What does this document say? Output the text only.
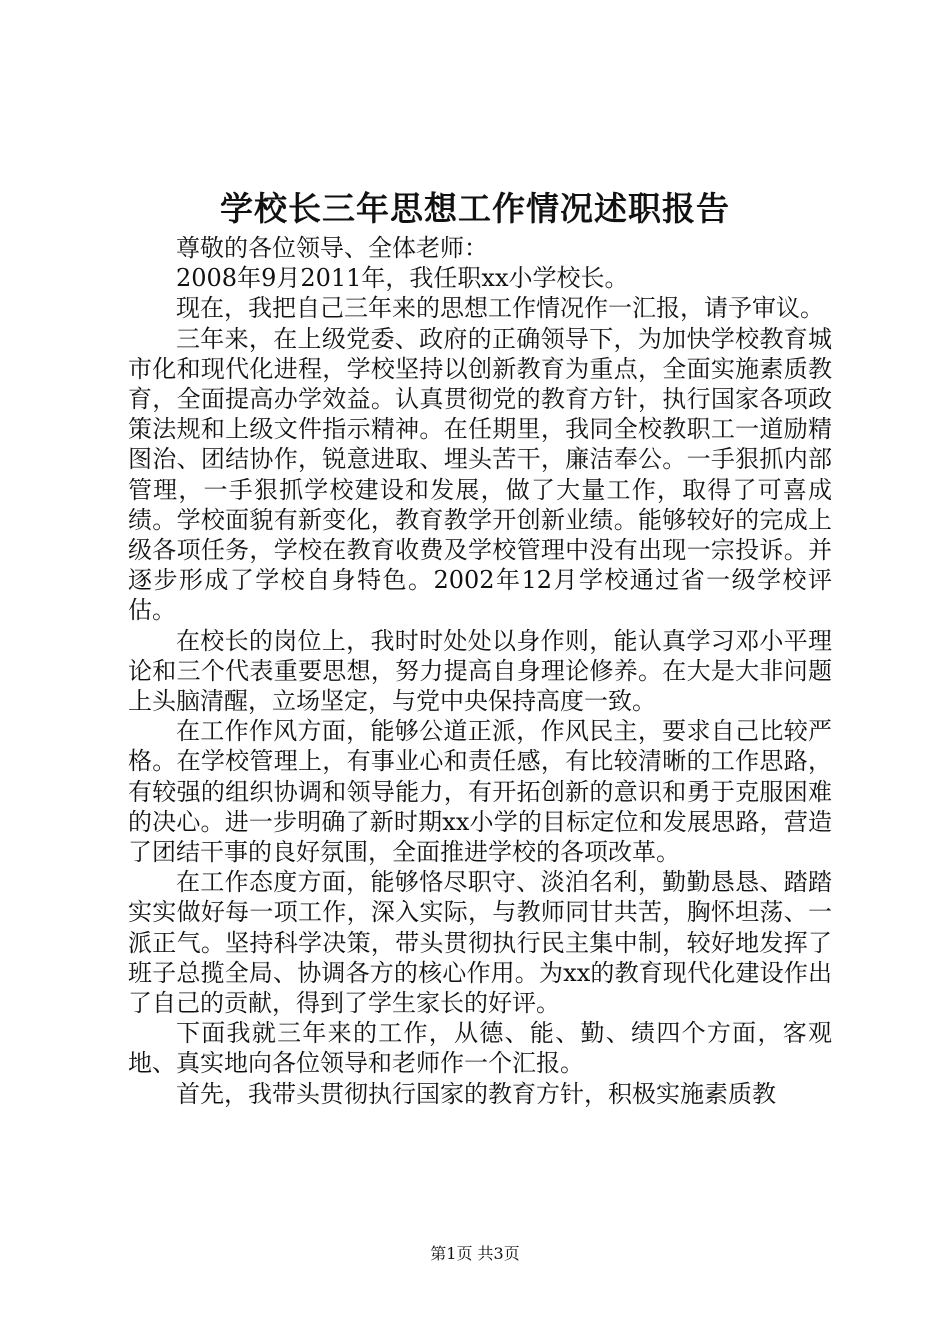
学校长三年思想工作情况述职报告

尊敬的各位领导、全体老师：

2008年9月2011年，我任职xx小学校长。

现在，我把自己三年来的思想工作情况作一汇报，请予审议。

三年来，在上级党委、政府的正确领导下，为加快学校教育城市化和现代化进程，学校坚持以创新教育为重点，全面实施素质教育，全面提高办学效益。认真贯彻党的教育方针，执行国家各项政策法规和上级文件指示精神。在任期里，我同全校教职工一道励精图治、团结协作，锐意进取、埋头苦干，廉洁奉公。一手狠抓内部管理，一手狠抓学校建设和发展，做了大量工作，取得了可喜成绩。学校面貌有新变化，教育教学开创新业绩。能够较好的完成上级各项任务，学校在教育收费及学校管理中没有出现一宗投诉。并逐步形成了学校自身特色。2002年12月学校通过省一级学校评估。

在校长的岗位上，我时时处处以身作则，能认真学习邓小平理论和三个代表重要思想，努力提高自身理论修养。在大是大非问题上头脑清醒，立场坚定，与党中央保持高度一致。

在工作作风方面，能够公道正派，作风民主，要求自己比较严格。在学校管理上，有事业心和责任感，有比较清晰的工作思路，有较强的组织协调和领导能力，有开拓创新的意识和勇于克服困难的决心。进一步明确了新时期xx小学的目标定位和发展思路，营造了团结干事的良好氛围，全面推进学校的各项改革。

在工作态度方面，能够恪尽职守、淡泊名利，勤勤恳恳、踏踏实实做好每一项工作，深入实际，与教师同甘共苦，胸怀坦荡、一派正气。坚持科学决策，带头贯彻执行民主集中制，较好地发挥了班子总揽全局、协调各方的核心作用。为xx的教育现代化建设作出了自己的贡献，得到了学生家长的好评。

下面我就三年来的工作，从德、能、勤、绩四个方面，客观地、真实地向各位领导和老师作一个汇报。

首先，我带头贯彻执行国家的教育方针，积极实施素质教

第1页 共3页
